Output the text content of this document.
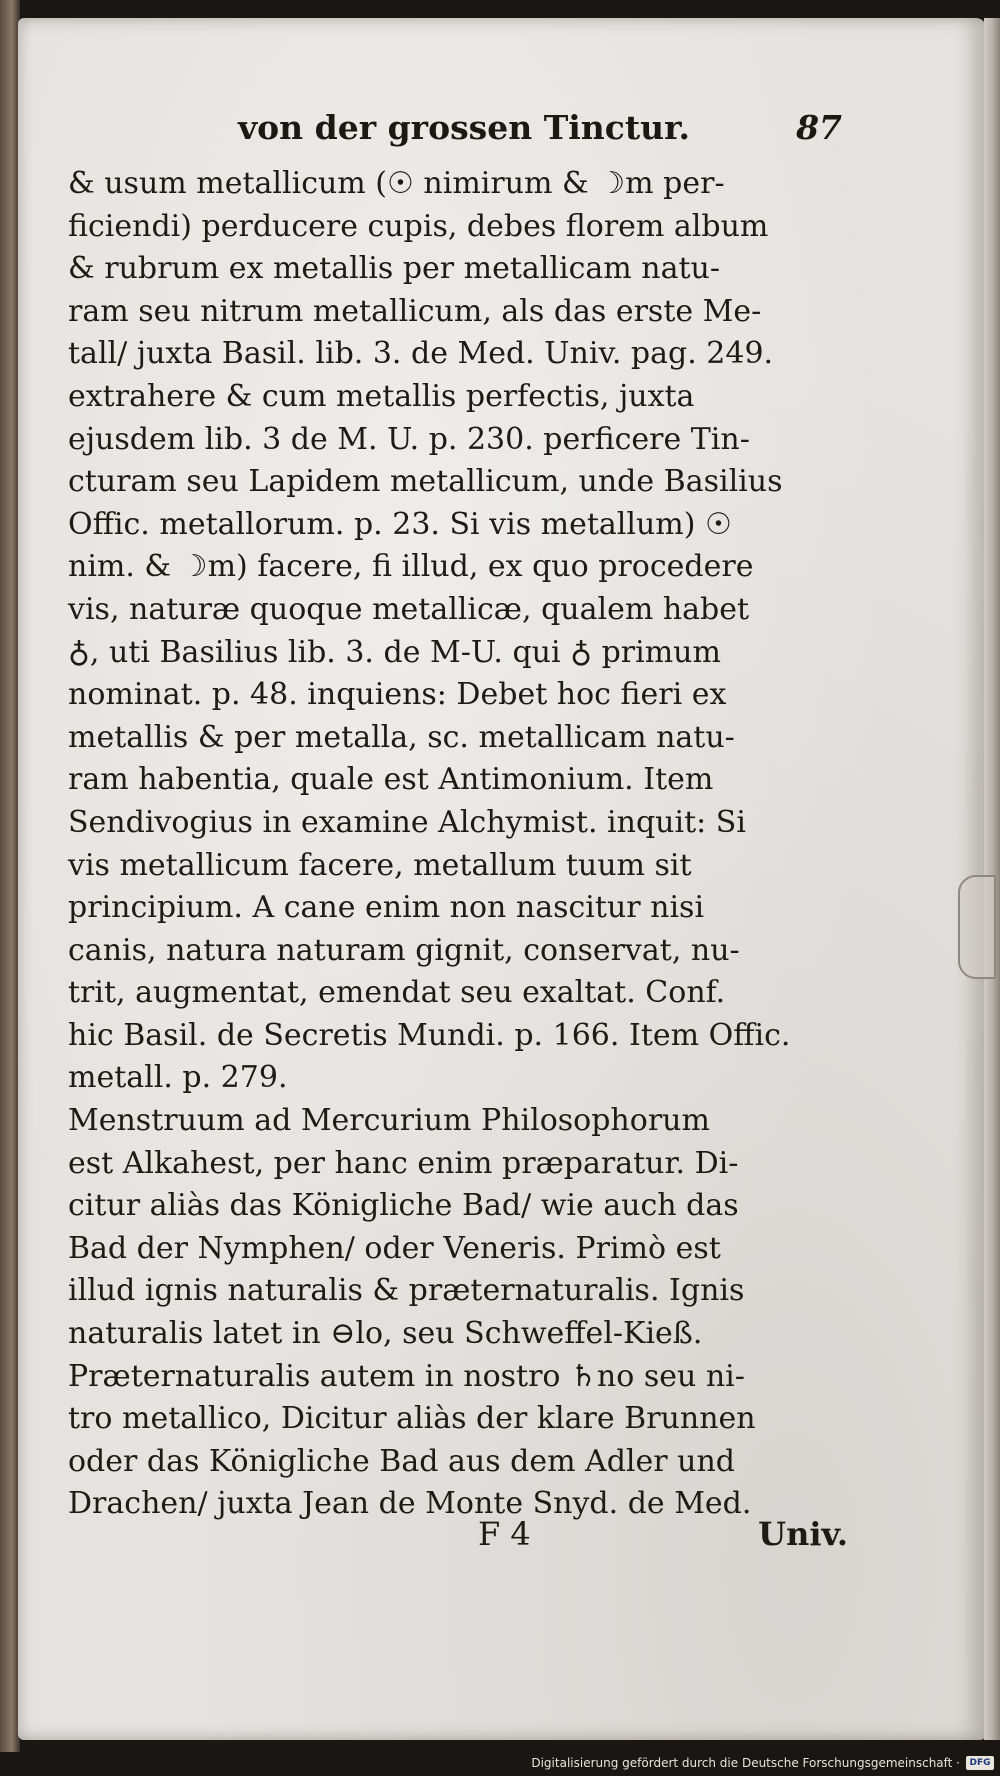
von der grossen Tinctur.	87
& usum metallicum (☉ nimirum & ☽m per-
ficiendi) perducere cupis, debes florem album
& rubrum ex metallis per metallicam natu-
ram seu nitrum metallicum, als das erste Me-
tall/ juxta Basil. lib. 3. de Med. Univ. pag. 249.
extrahere & cum metallis perfectis, juxta
ejusdem lib. 3 de M. U. p. 230. perficere Tin-
cturam seu Lapidem metallicum, unde Basilius
Offic. metallorum. p. 23. Si vis metallum) ☉
nim. & ☽m) facere, fi illud, ex quo procedere
vis, naturæ quoque metallicæ, qualem habet
♁, uti Basilius lib. 3. de M-U. qui ♁ primum
nominat. p. 48. inquiens: Debet hoc fieri ex
metallis & per metalla, sc. metallicam natu-
ram habentia, quale est Antimonium. Item
Sendivogius in examine Alchymist. inquit: Si
vis metallicum facere, metallum tuum sit
principium. A cane enim non nascitur nisi
canis, natura naturam gignit, conservat, nu-
trit, augmentat, emendat seu exaltat. Conf.
hic Basil. de Secretis Mundi. p. 166. Item Offic.
metall. p. 279.
Menstruum ad Mercurium Philosophorum
est Alkahest, per hanc enim præparatur. Di-
citur aliàs das Königliche Bad/ wie auch das
Bad der Nymphen/ oder Veneris. Primò est
illud ignis naturalis & præternaturalis. Ignis
naturalis latet in ⊖lo, seu Schweffel-Kieß.
Præternaturalis autem in nostro ♄no seu ni-
tro metallico, Dicitur aliàs der klare Brunnen
oder das Königliche Bad aus dem Adler und
Drachen/ juxta Jean de Monte Snyd. de Med.
F 4	Univ.
Digitalisierung gefördert durch die Deutsche Forschungsgemeinschaft ·	DFG
